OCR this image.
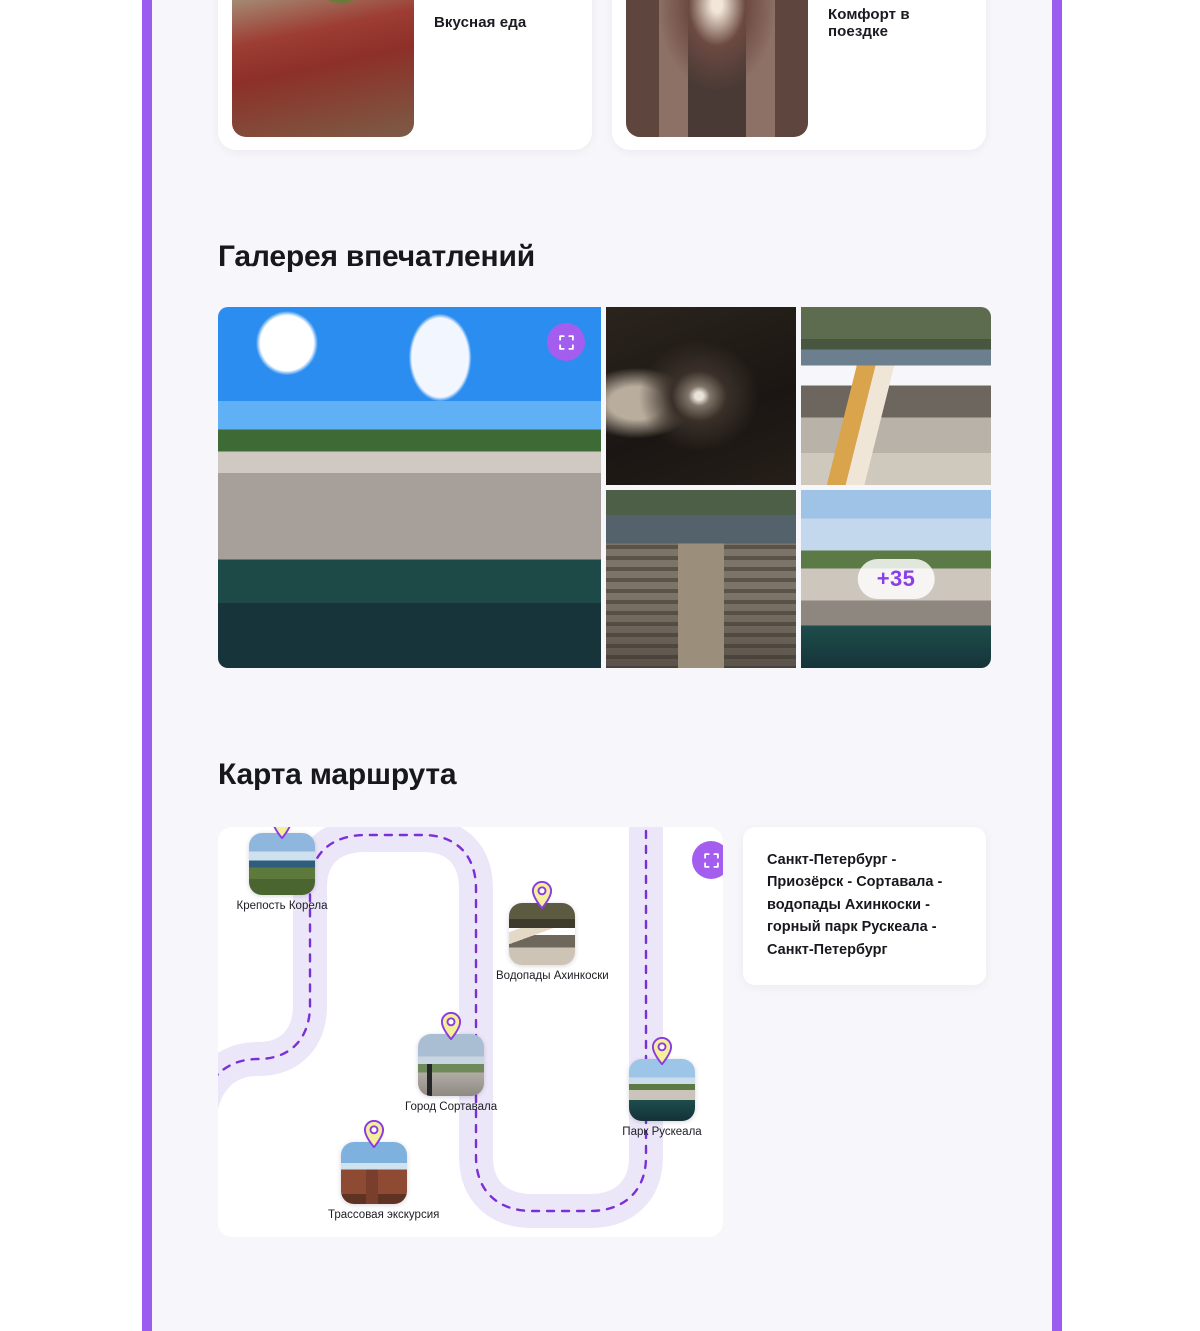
Вкусная еда	Комфорт в поездке
Галерея впечатлений
+35
Карта маршрута
Крепость Корела
Водопады Ахинкоски
Город Сортавала
Трассовая экскурсия
Парк Рускеала
Санкт-Петербург - Приозёрск - Сортавала - водопады Ахинкоски - горный парк Рускеала - Санкт-Петербург
